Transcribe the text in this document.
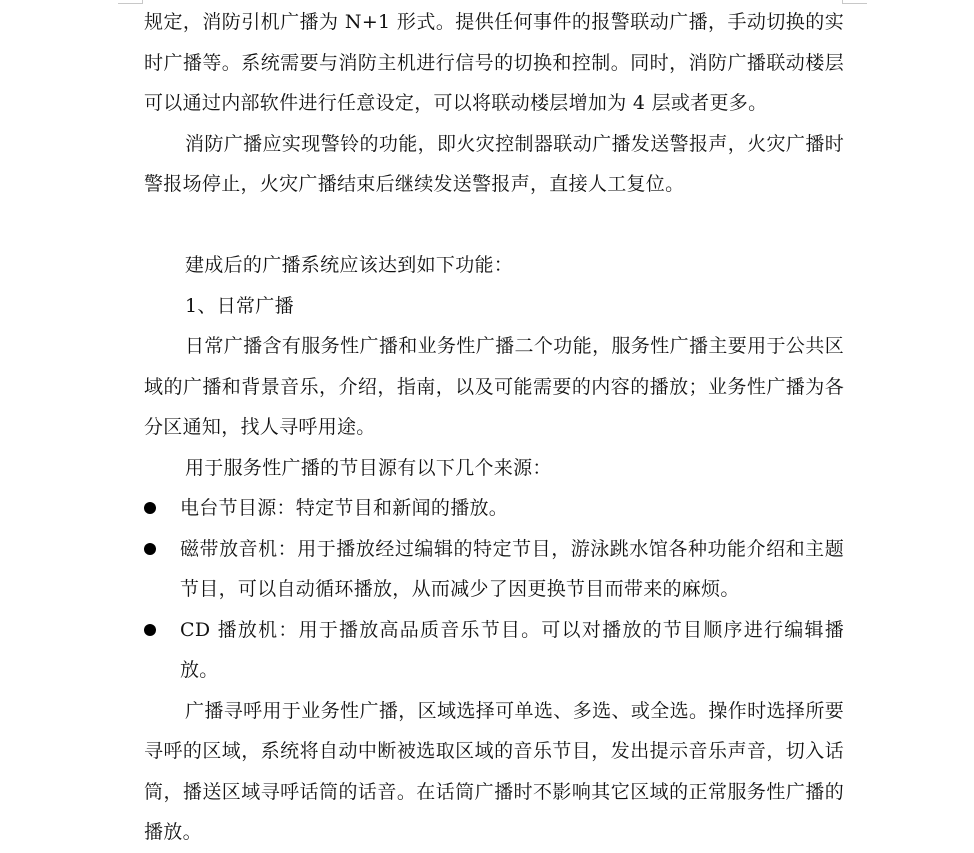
规定，消防引机广播为 N+1 形式。提供任何事件的报警联动广播，手动切换的实时广播等。系统需要与消防主机进行信号的切换和控制。同时，消防广播联动楼层可以通过内部软件进行任意设定，可以将联动楼层增加为 4 层或者更多。

消防广播应实现警铃的功能，即火灾控制器联动广播发送警报声，火灾广播时警报场停止，火灾广播结束后继续发送警报声，直接人工复位。

建成后的广播系统应该达到如下功能：

1、日常广播

日常广播含有服务性广播和业务性广播二个功能，服务性广播主要用于公共区域的广播和背景音乐，介绍，指南，以及可能需要的内容的播放；业务性广播为各分区通知，找人寻呼用途。

用于服务性广播的节目源有以下几个来源：

电台节目源：特定节目和新闻的播放。
磁带放音机：用于播放经过编辑的特定节目，游泳跳水馆各种功能介绍和主题节目，可以自动循环播放，从而减少了因更换节目而带来的麻烦。
CD 播放机：用于播放高品质音乐节目。可以对播放的节目顺序进行编辑播放。

广播寻呼用于业务性广播，区域选择可单选、多选、或全选。操作时选择所要寻呼的区域，系统将自动中断被选取区域的音乐节目，发出提示音乐声音，切入话筒，播送区域寻呼话筒的话音。在话筒广播时不影响其它区域的正常服务性广播的播放。
